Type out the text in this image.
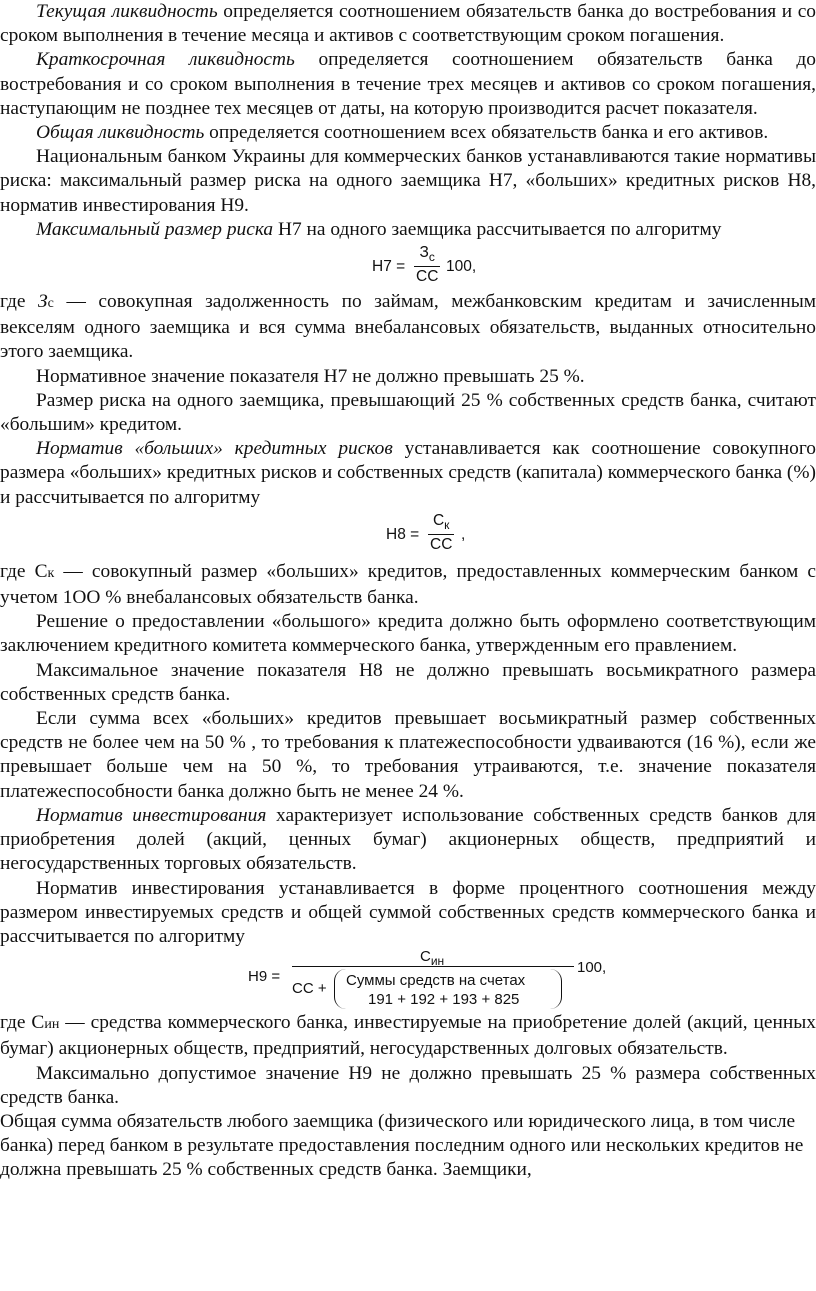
Текущая ликвидность определяется соотношением обязательств банка до востребования и со сроком выполнения в течение месяца и активов с соответствующим сроком погашения.

Краткосрочная ликвидность определяется соотношением обязательств банка до востребования и со сроком выполнения в течение трех месяцев и активов со сроком погашения, наступающим не позднее тех месяцев от даты, на которую производится расчет показателя.

Общая ликвидность определяется соотношением всех обязательств банка и его активов.

Национальным банком Украины для коммерческих банков устанавливаются такие нормативы риска: максимальный размер риска на одного заемщика Н7, «больших» кредитных рисков Н8, норматив инвестирования Н9.

Максимальный размер риска Н7 на одного заемщика рассчитывается по алгоритму

Н7 =
$З_с$
СС
100,

где Зс — совокупная задолженность по займам, межбанковским кредитам и зачисленным векселям одного заемщика и вся сумма внебалансовых обязательств, выданных относительно этого заемщика.

Нормативное значение показателя Н7 не должно превышать 25 %.

Размер риска на одного заемщика, превышающий 25 % собственных средств банка, считают «большим» кредитом.

Норматив «больших» кредитных рисков устанавливается как соотношение совокупного размера «больших» кредитных рисков и собственных средств (капитала) коммерческого банка (%) и рассчитывается по алгоритму

Н8 =
$С_к$
СС
,

где Ск — совокупный размер «больших» кредитов, предоставленных коммерческим банком с учетом 1ОО % внебалансовых обязательств банка.

Решение о предоставлении «большого» кредита должно быть оформлено соответствующим заключением кредитного комитета коммерческого банка, утвержденным его правлением.

Максимальное значение показателя Н8 не должно превышать восьмикратного размера собственных средств банка.

Если сумма всех «больших» кредитов превышает восьмикратный размер собственных средств не более чем на 50 % , то требования к платежеспособности удваиваются (16 %), если же превышает больше чем на 50 %, то требования утраиваются, т.е. значение показателя платежеспособности банка должно быть не менее 24 %.

Норматив инвестирования характеризует использование собственных средств банков для приобретения долей (акций, ценных бумаг) акционерных обществ, предприятий и негосударственных торговых обязательств.

Норматив инвестирования устанавливается в форме процентного соотношения между размером инвестируемых средств и общей суммой собственных средств коммерческого банка и рассчитывается по алгоритму

Н9 =
$С_{ин}$
СС + Суммы средств на счетах
191 + 192 + 193 + 825
100,

где Син — средства коммерческого банка, инвестируемые на приобретение долей (акций, ценных бумаг) акционерных обществ, предприятий, негосударственных долговых обязательств.

Максимально допустимое значение Н9 не должно превышать 25 % размера собственных средств банка.

Общая сумма обязательств любого заемщика (физического или юридического лица, в том числе банка) перед банком в результате предоставления последним одного или нескольких кредитов не должна превышать 25 % собственных средств банка. Заемщики,
